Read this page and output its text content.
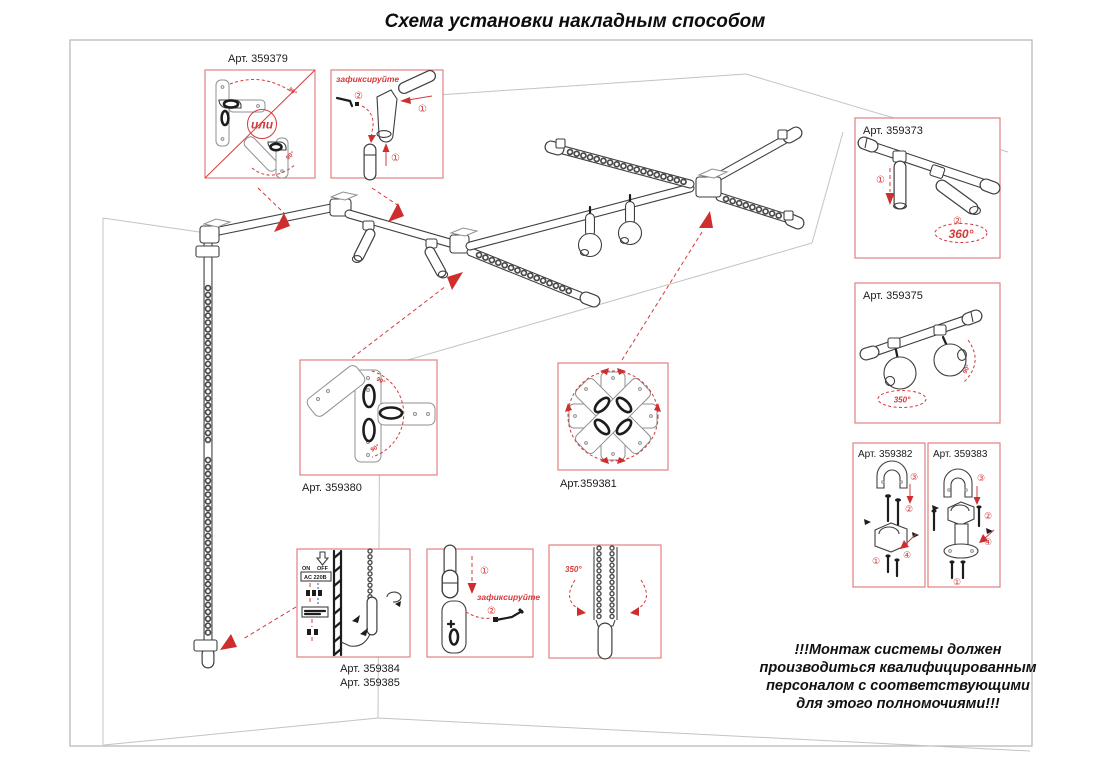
Схема установки накладным способом
Арт. 359379
90°
или
90°
зафиксируйте
②
①
①
Арт. 359373
①
②
360°
Арт. 359375
90°
350°
Арт. 359382
③
②
④
①
Арт. 359383
③
②
④
①
90°
90°
Арт. 359380	Арт.359381
ON OFF
AC 220В
Арт. 359384
Арт. 359385
①
зафиксируйте
②
350°
!!!Монтаж системы должен
производиться квалифицированным
персоналом с соответствующими
для этого полномочиями!!!
